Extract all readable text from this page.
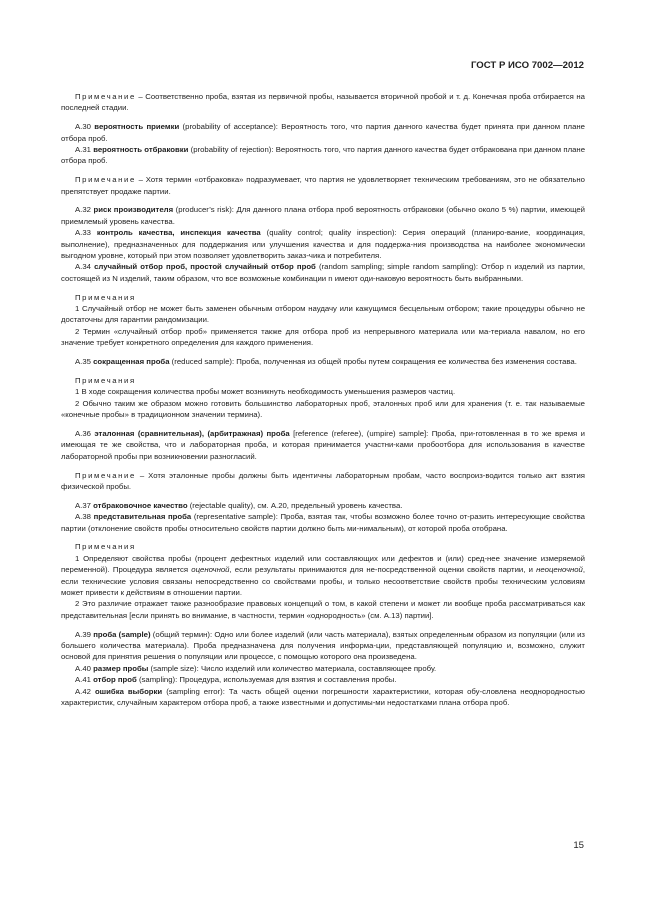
ГОСТ Р ИСО 7002—2012

Примечание – Соответственно проба, взятая из первичной пробы, называется вторичной пробой и т. д. Конечная проба отбирается на последней стадии.

А.30 вероятность приемки (probability of acceptance): Вероятность того, что партия данного качества будет принята при данном плане отбора проб.

А.31 вероятность отбраковки (probability of rejection): Вероятность того, что партия данного качества будет отбракована при данном плане отбора проб.

Примечание – Хотя термин «отбраковка» подразумевает, что партия не удовлетворяет техническим требованиям, это не обязательно препятствует продаже партии.

А.32 риск производителя (producer’s risk): Для данного плана отбора проб вероятность отбраковки (обычно около 5 %) партии, имеющей приемлемый уровень качества.

А.33 контроль качества, инспекция качества (quality control; quality inspection): Серия операций (планиро-вание, координация, выполнение), предназначенных для поддержания или улучшения качества и для поддержа-ния производства на наиболее экономически выгодном уровне, который при этом позволяет удовлетворить заказ-чика и потребителя.

А.34 случайный отбор проб, простой случайный отбор проб (random sampling; simple random sampling): Отбор n изделий из партии, состоящей из N изделий, таким образом, что все возможные комбинации n имеют оди-наковую вероятность быть выбранными.

Примечания

1 Случайный отбор не может быть заменен обычным отбором наудачу или кажущимся бесцельным отбором; такие процедуры обычно не достаточны для гарантии рандомизации.

2 Термин «случайный отбор проб» применяется также для отбора проб из непрерывного материала или ма-териала навалом, но его значение требует конкретного определения для каждого применения.

А.35 сокращенная проба (reduced sample): Проба, полученная из общей пробы путем сокращения ее количества без изменения состава.

Примечания

1 В ходе сокращения количества пробы может возникнуть необходимость уменьшения размеров частиц.

2 Обычно таким же образом можно готовить большинство лабораторных проб, эталонных проб или для хранения (т. е. так называемые «конечные пробы» в традиционном значении термина).

А.36 эталонная (сравнительная), (арбитражная) проба [reference (referee), (umpire) sample]: Проба, при-готовленная в то же время и имеющая те же свойства, что и лабораторная проба, и которая принимается участни-ками пробоотбора для использования в качестве лабораторной пробы при возникновении разногласий.

Примечание – Хотя эталонные пробы должны быть идентичны лабораторным пробам, часто воспроиз-водится только акт взятия физической пробы.

А.37 отбраковочное качество (rejectable quality), см. А.20, предельный уровень качества.

А.38 представительная проба (representative sample): Проба, взятая так, чтобы возможно более точно от-разить интересующие свойства партии (отклонение свойств пробы относительно свойств партии должно быть ми-нимальным), от которой проба отобрана.

Примечания

1 Определяют свойства пробы (процент дефектных изделий или составляющих или дефектов и (или) сред-нее значение измеряемой переменной). Процедура является оценочной, если результаты принимаются для не-посредственной оценки свойств партии, и неоценочной, если технические условия связаны непосредственно со свойствами пробы, и только несоответствие свойств пробы техническим условиям может привести к действиям в отношении партии.

2 Это различие отражает также разнообразие правовых концепций о том, в какой степени и может ли вообще проба рассматриваться как представительная [если принять во внимание, в частности, термин «однородность» (см. А.13) партии].

А.39 проба (sample) (общий термин): Одно или более изделий (или часть материала), взятых определенным образом из популяции (или из большего количества материала). Проба предназначена для получения информа-ции, представляющей популяцию и, возможно, служит основой для принятия решения о популяции или процессе, с помощью которого она произведена.

А.40 размер пробы (sample size): Число изделий или количество материала, составляющее пробу.

А.41 отбор проб (sampling): Процедура, используемая для взятия и составления пробы.

А.42 ошибка выборки (sampling error): Та часть общей оценки погрешности характеристики, которая обу-словлена неоднородностью характеристик, случайным характером отбора проб, а также известными и допустимы-ми недостатками плана отбора проб.

15
